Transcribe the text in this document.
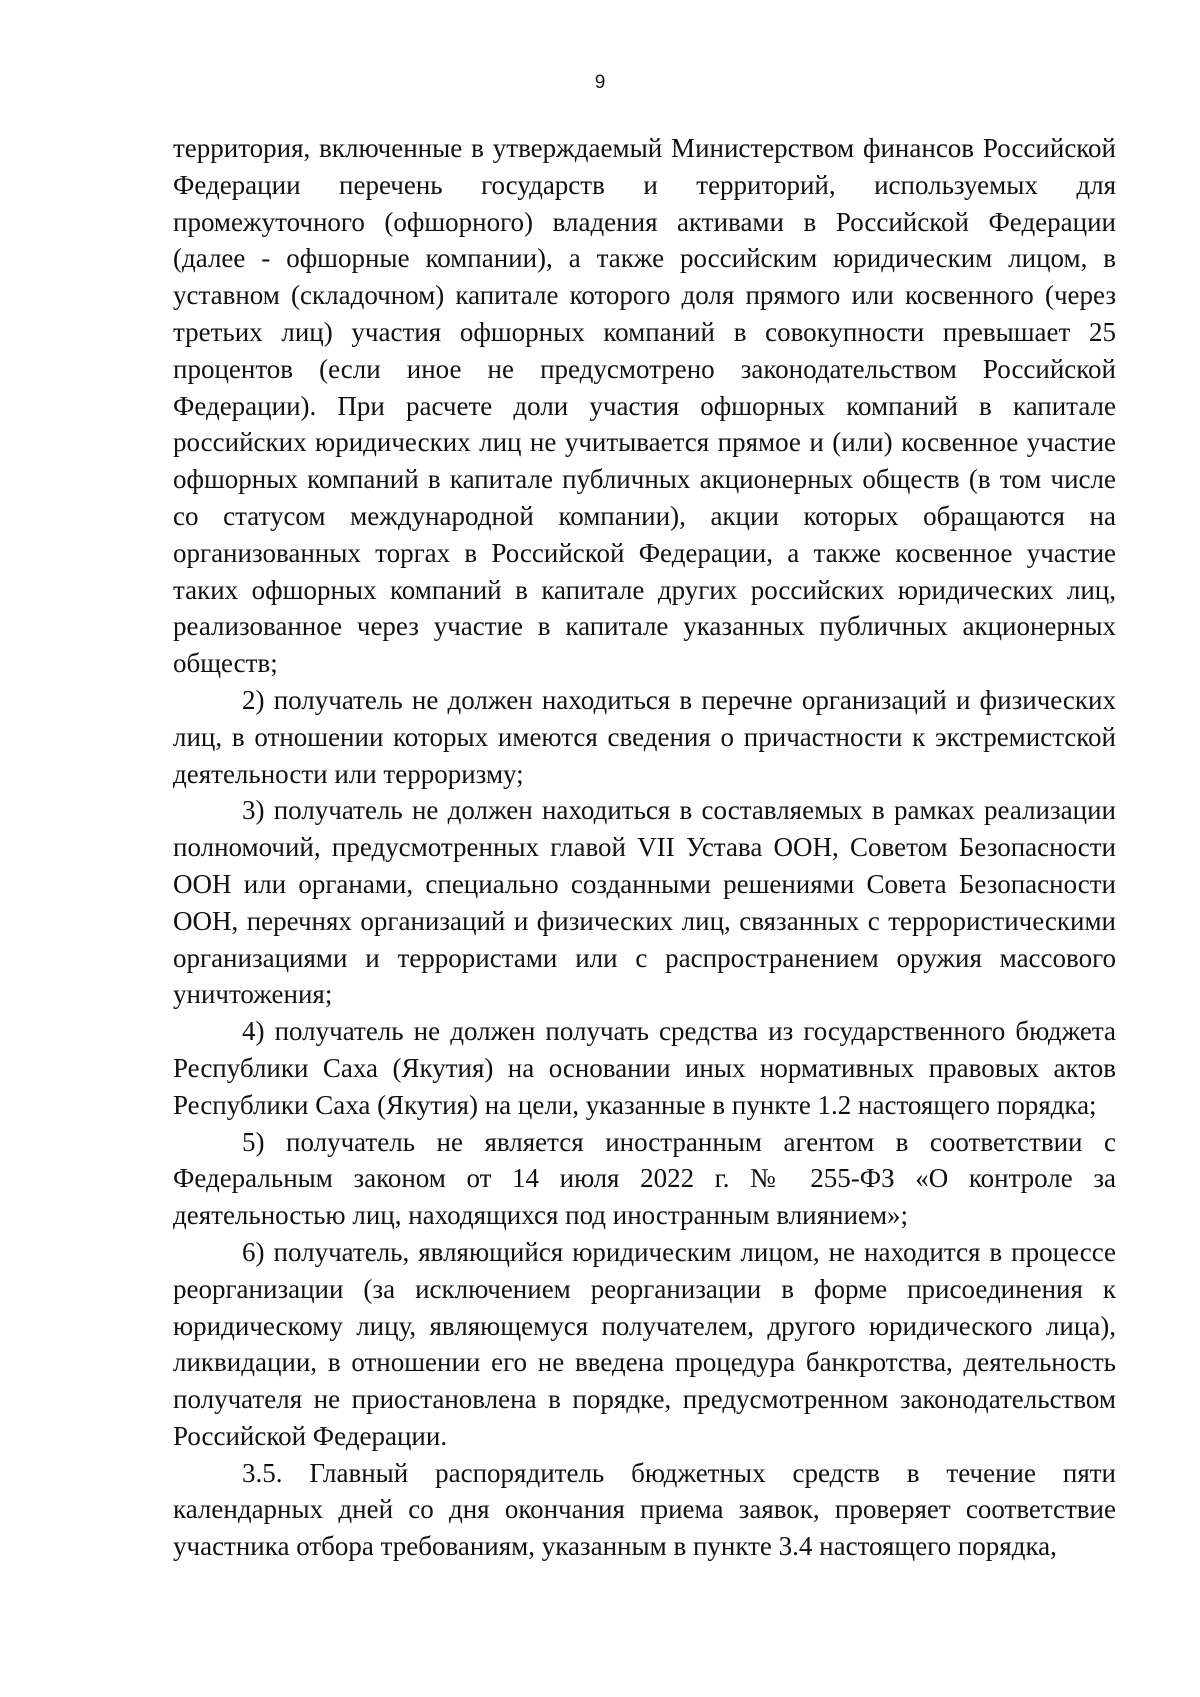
9

территория, включенные в утверждаемый Министерством финансов Российской Федерации перечень государств и территорий, используемых для промежуточного (офшорного) владения активами в Российской Федерации (далее - офшорные компании), а также российским юридическим лицом, в уставном (складочном) капитале которого доля прямого или косвенного (через третьих лиц) участия офшорных компаний в совокупности превышает 25 процентов (если иное не предусмотрено законодательством Российской Федерации). При расчете доли участия офшорных компаний в капитале российских юридических лиц не учитывается прямое и (или) косвенное участие офшорных компаний в капитале публичных акционерных обществ (в том числе со статусом международной компании), акции которых обращаются на организованных торгах в Российской Федерации, а также косвенное участие таких офшорных компаний в капитале других российских юридических лиц, реализованное через участие в капитале указанных публичных акционерных обществ;

2) получатель не должен находиться в перечне организаций и физических лиц, в отношении которых имеются сведения о причастности к экстремистской деятельности или терроризму;

3) получатель не должен находиться в составляемых в рамках реализации полномочий, предусмотренных главой VII Устава ООН, Советом Безопасности ООН или органами, специально созданными решениями Совета Безопасности ООН, перечнях организаций и физических лиц, связанных с террористическими организациями и террористами или с распространением оружия массового уничтожения;

4) получатель не должен получать средства из государственного бюджета Республики Саха (Якутия) на основании иных нормативных правовых актов Республики Саха (Якутия) на цели, указанные в пункте 1.2 настоящего порядка;

5) получатель не является иностранным агентом в соответствии с Федеральным законом от 14 июля 2022 г. № 255-ФЗ «О контроле за деятельностью лиц, находящихся под иностранным влиянием»;

6) получатель, являющийся юридическим лицом, не находится в процессе реорганизации (за исключением реорганизации в форме присоединения к юридическому лицу, являющемуся получателем, другого юридического лица), ликвидации, в отношении его не введена процедура банкротства, деятельность получателя не приостановлена в порядке, предусмотренном законодательством Российской Федерации.

3.5. Главный распорядитель бюджетных средств в течение пяти календарных дней со дня окончания приема заявок, проверяет соответствие участника отбора требованиям, указанным в пункте 3.4 настоящего порядка,
